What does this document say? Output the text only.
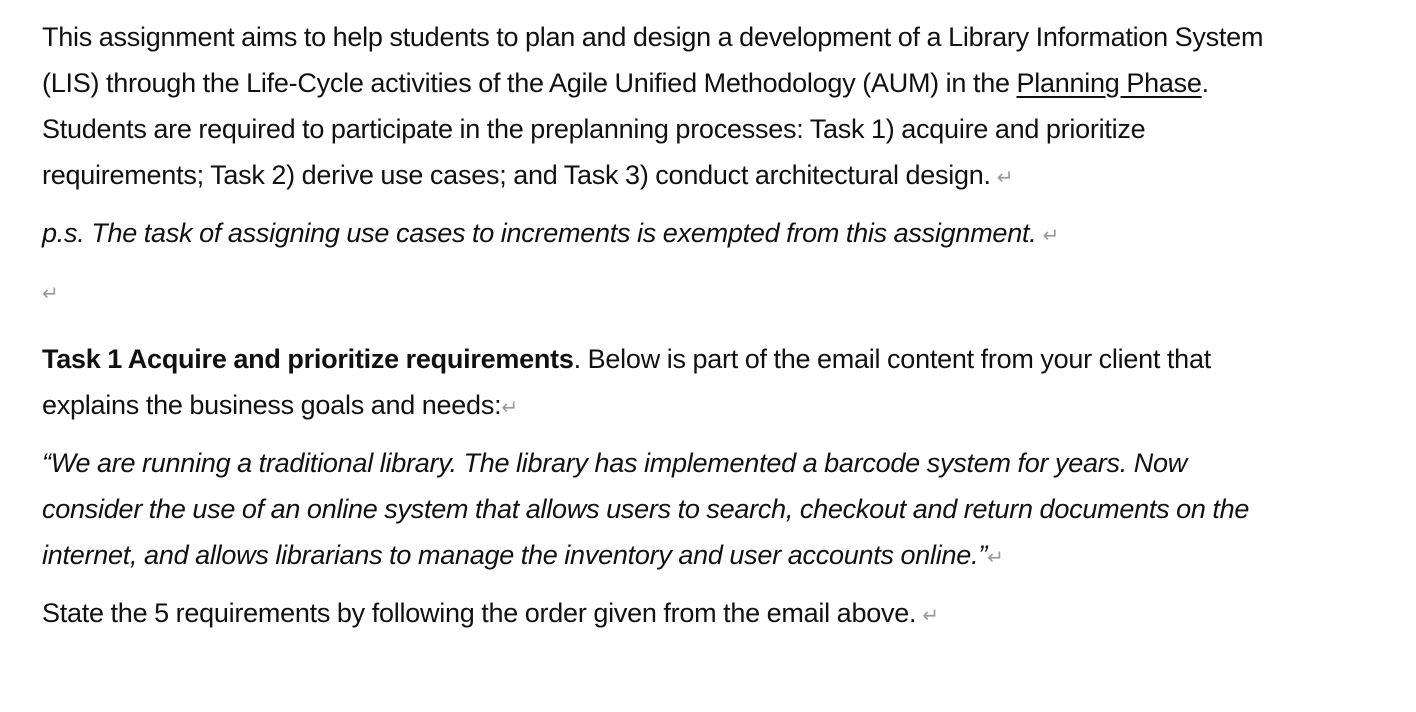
This assignment aims to help students to plan and design a development of a Library Information System
(LIS) through the Life-Cycle activities of the Agile Unified Methodology (AUM) in the Planning Phase.
Students are required to participate in the preplanning processes: Task 1) acquire and prioritize
requirements; Task 2) derive use cases; and Task 3) conduct architectural design. ↵

p.s. The task of assigning use cases to increments is exempted from this assignment. ↵

↵

Task 1 Acquire and prioritize requirements. Below is part of the email content from your client that
explains the business goals and needs:↵

“We are running a traditional library. The library has implemented a barcode system for years. Now
consider the use of an online system that allows users to search, checkout and return documents on the
internet, and allows librarians to manage the inventory and user accounts online.”↵

State the 5 requirements by following the order given from the email above. ↵
